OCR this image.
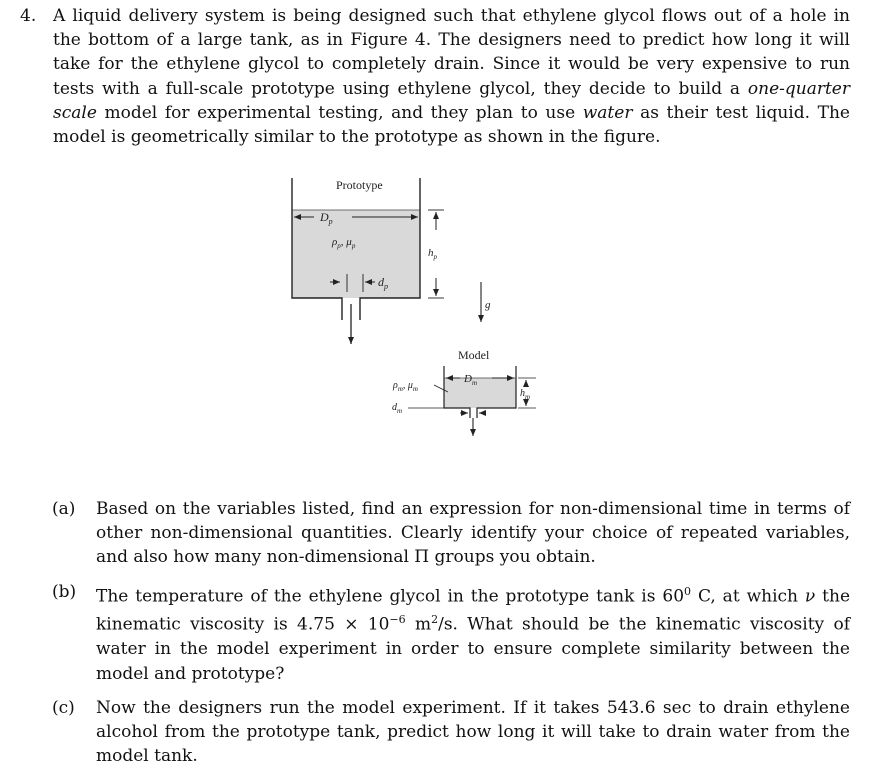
4. A liquid delivery system is being designed such that ethylene glycol flows out of a hole in the bottom of a large tank, as in Figure 4. The designers need to predict how long it will take for the ethylene glycol to completely drain. Since it would be very expensive to run tests with a full-scale prototype using ethylene glycol, they decide to build a one-quarter scale model for experimental testing, and they plan to use water as their test liquid. The model is geometrically similar to the prototype as shown in the figure.
Prototype
$D_p$
$\rho_p$, $\mu_p$
$d_p$
$h_p$
g
Model
$D_m$
$\rho_m$, $\mu_m$
$d_m$
$h_m$
(a) Based on the variables listed, find an expression for non-dimensional time in terms of other non-dimensional quantities. Clearly identify your choice of repeated variables, and also how many non-dimensional Π groups you obtain.
(b) The temperature of the ethylene glycol in the prototype tank is $60^0$ C, at which ν the kinematic viscosity is $4.75 \times 10^{-6}$ $m^2/s$. What should be the kinematic viscosity of water in the model experiment in order to ensure complete similarity between the model and prototype?
(c) Now the designers run the model experiment. If it takes 543.6 sec to drain ethylene alcohol from the prototype tank, predict how long it will take to drain water from the model tank.
